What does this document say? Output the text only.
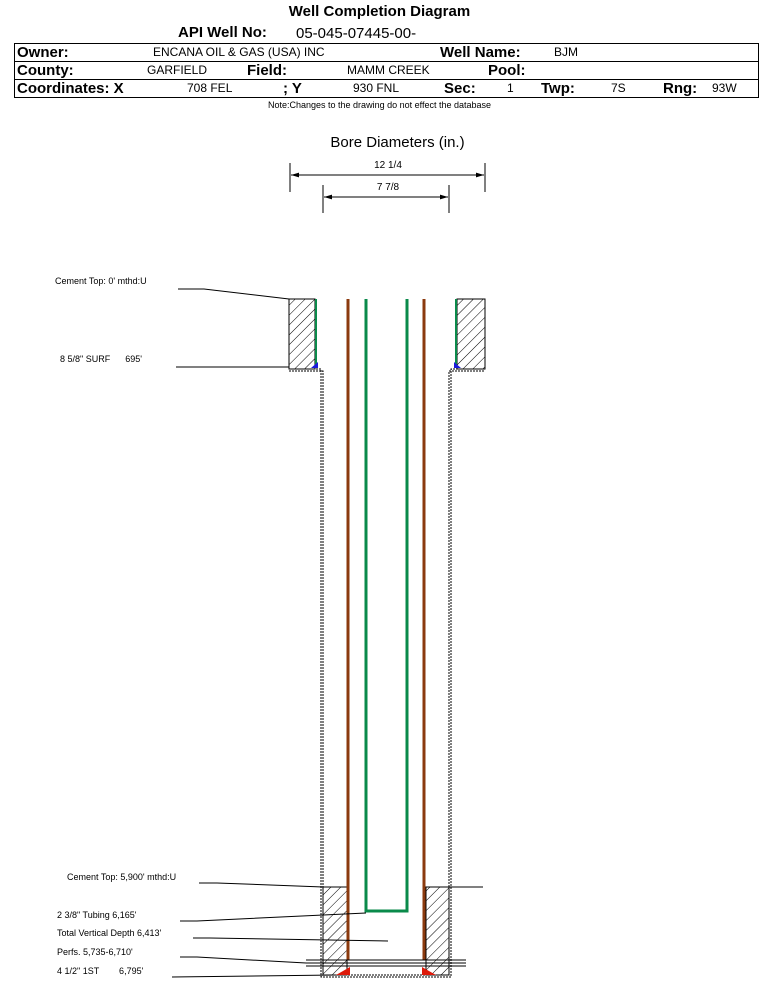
Well Completion Diagram
API Well No: 05-045-07445-00-
Owner:	ENCANA OIL & GAS (USA) INC	Well Name:	BJM
County:	GARFIELD	Field:	MAMM CREEK	Pool:
Coordinates: X	708 FEL	; Y	930 FNL	Sec:	1 Twp:	7S Rng: 93W
Note:Changes to the drawing do not effect the database
Bore Diameters (in.)
12 1/4
7 7/8
Cement Top: 0' mthd:U
8 5/8" SURF      695'
Cement Top: 5,900' mthd:U
2 3/8" Tubing 6,165'
Total Vertical Depth 6,413'
Perfs. 5,735-6,710'
4 1/2" 1ST        6,795'
